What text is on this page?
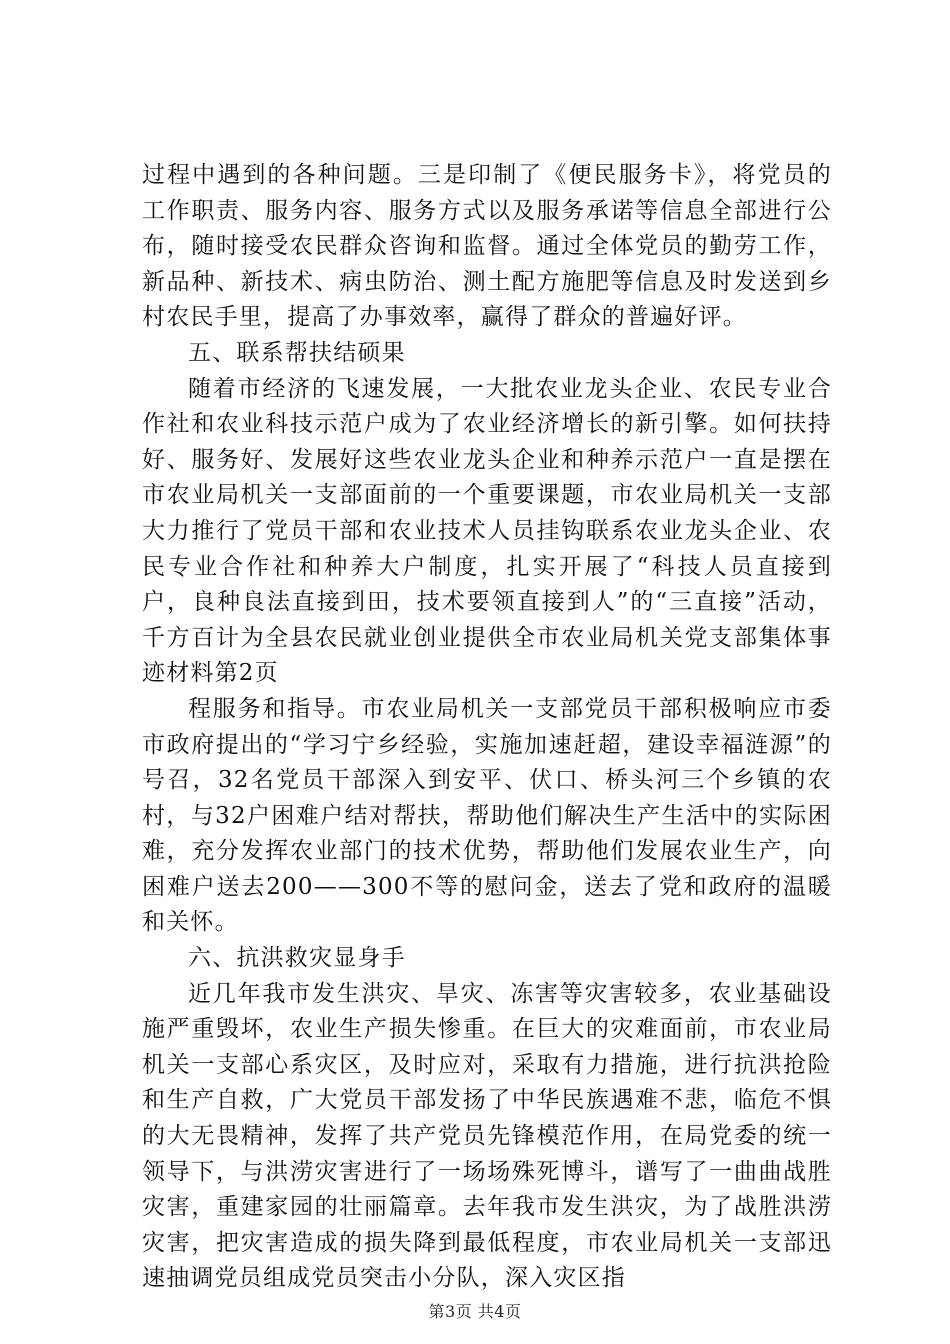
过程中遇到的各种问题。三是印制了《便民服务卡》，将党员的工作职责、服务内容、服务方式以及服务承诺等信息全部进行公布，随时接受农民群众咨询和监督。通过全体党员的勤劳工作，新品种、新技术、病虫防治、测土配方施肥等信息及时发送到乡村农民手里，提高了办事效率，赢得了群众的普遍好评。

五、联系帮扶结硕果

随着市经济的飞速发展，一大批农业龙头企业、农民专业合作社和农业科技示范户成为了农业经济增长的新引擎。如何扶持好、服务好、发展好这些农业龙头企业和种养示范户一直是摆在市农业局机关一支部面前的一个重要课题，市农业局机关一支部大力推行了党员干部和农业技术人员挂钩联系农业龙头企业、农民专业合作社和种养大户制度，扎实开展了“科技人员直接到户，良种良法直接到田，技术要领直接到人”的“三直接”活动，千方百计为全县农民就业创业提供全市农业局机关党支部集体事迹材料第2页

程服务和指导。市农业局机关一支部党员干部积极响应市委市政府提出的“学习宁乡经验，实施加速赶超，建设幸福涟源”的号召，32名党员干部深入到安平、伏口、桥头河三个乡镇的农村，与32户困难户结对帮扶，帮助他们解决生产生活中的实际困难，充分发挥农业部门的技术优势，帮助他们发展农业生产，向困难户送去200——300不等的慰问金，送去了党和政府的温暖和关怀。

六、抗洪救灾显身手

近几年我市发生洪灾、旱灾、冻害等灾害较多，农业基础设施严重毁坏，农业生产损失惨重。在巨大的灾难面前，市农业局机关一支部心系灾区，及时应对，采取有力措施，进行抗洪抢险和生产自救，广大党员干部发扬了中华民族遇难不悲，临危不惧的大无畏精神，发挥了共产党员先锋模范作用，在局党委的统一领导下，与洪涝灾害进行了一场场殊死博斗，谱写了一曲曲战胜灾害，重建家园的壮丽篇章。去年我市发生洪灾，为了战胜洪涝灾害，把灾害造成的损失降到最低程度，市农业局机关一支部迅速抽调党员组成党员突击小分队，深入灾区指

第3页 共4页
